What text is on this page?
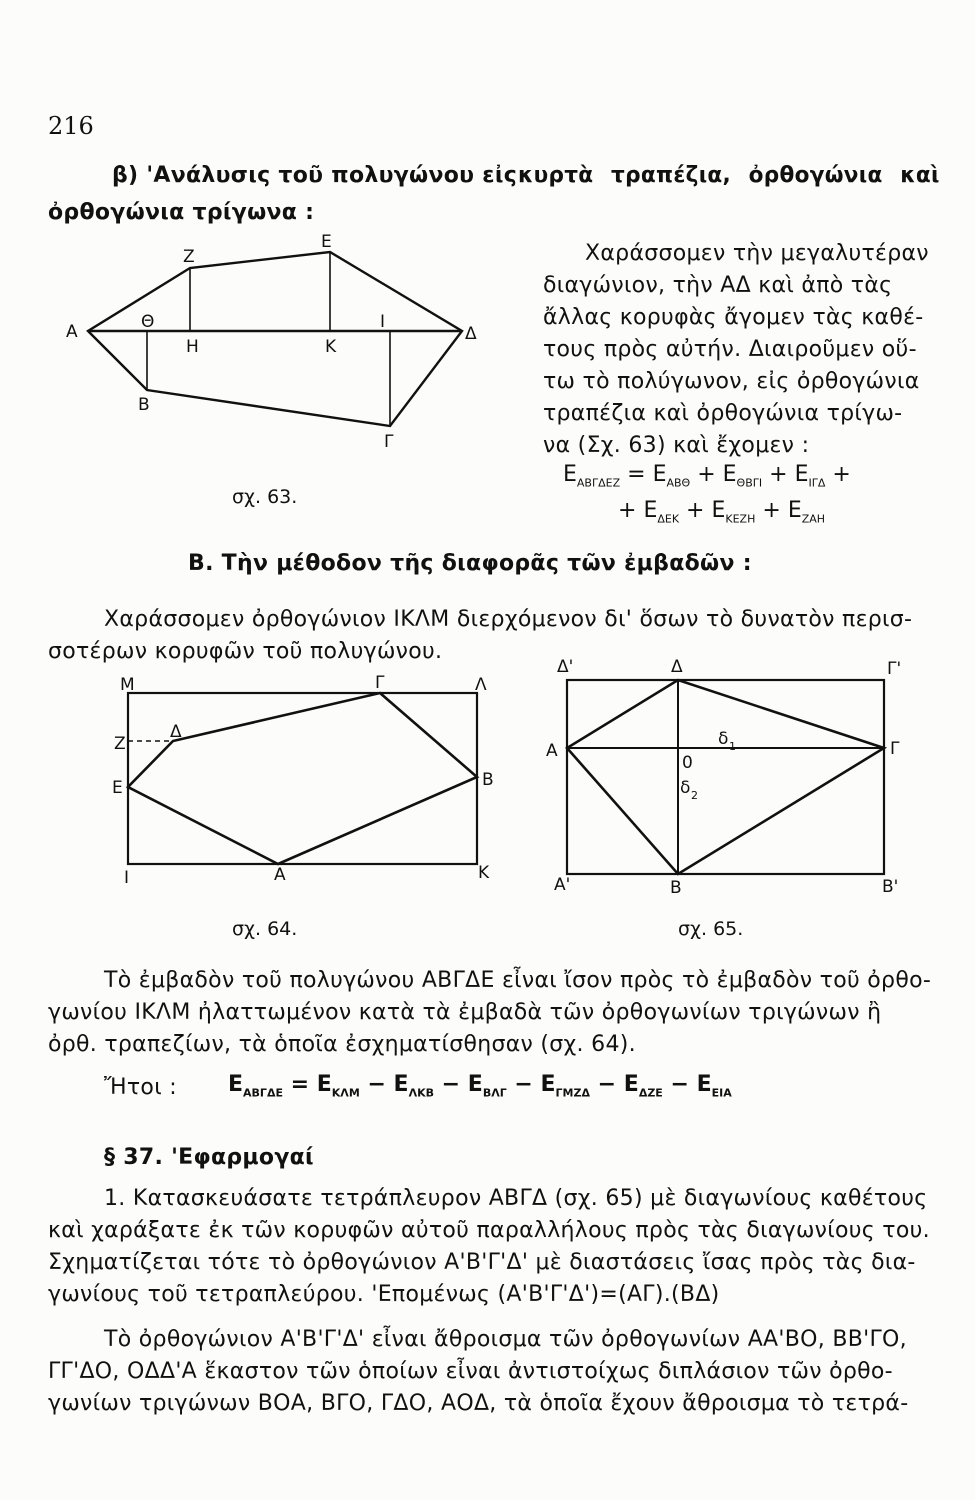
216
β) 'Ανάλυσις τοῦ πολυγώνου εἰς κυρτὰ τραπέζια, ὀρθογώνια καὶ
ὀρθογώνια τρίγωνα :
Χαράσσομεν τὴν μεγαλυτέραν
διαγώνιον, τὴν ΑΔ καὶ ἀπὸ τὰς
ἄλλας κορυφὰς ἄγομεν τὰς καθέ-
τους πρὸς αὐτήν. Διαιροῦμεν οὕ-
τω τὸ πολύγωνον, εἰς ὀρθογώνια
τραπέζια καὶ ὀρθογώνια τρίγω-
να (Σχ. 63) καὶ ἔχομεν :
$E_{AB\Gamma\Delta EZ} = E_{AB\Theta} + E_{\Theta B\Gamma I} + E_{I\Gamma\Delta}$ +
+ $E_{\Delta EK} + E_{KEZH} + E_{ZAH}$
Α
Β
Γ
Δ
Ε
Ζ
Θ
Η	Κ
Ι
Μ	Γ	Λ
Ζ
Δ
Ε	Β
Ι	Α	Κ
Δ'	Δ	Γ'
Α
0
δ 1	Γ
δ 2
Α'	Β	Β'
σχ. 63.
Β. Τὴν μέθοδον τῆς διαφορᾶς τῶν ἐμβαδῶν :
Χαράσσομεν ὀρθογώνιον ΙΚΛΜ διερχόμενον δι' ὅσων τὸ δυνατὸν περισ-
σοτέρων κορυφῶν τοῦ πολυγώνου.
σχ. 64.	σχ. 65.
Τὸ ἐμβαδὸν τοῦ πολυγώνου ΑΒΓΔΕ εἶναι ἴσον πρὸς τὸ ἐμβαδὸν τοῦ ὀρθο-
γωνίου ΙΚΛΜ ἠλαττωμένον κατὰ τὰ ἐμβαδὰ τῶν ὀρθογωνίων τριγώνων ἢ
ὀρθ. τραπεζίων, τὰ ὁποῖα ἐσχηματίσθησαν (σχ. 64).
Ἤτοι : $E_{AB\Gamma\Delta E} = E_{K\Lambda M} - E_{\Lambda KB} - E_{B\Lambda\Gamma} - E_{\Gamma MZ\Delta} - E_{\Delta ZE} - E_{EIA}$
§ 37. 'Εφαρμογαί
1. Κατασκευάσατε τετράπλευρον ΑΒΓΔ (σχ. 65) μὲ διαγωνίους καθέτους
καὶ χαράξατε ἐκ τῶν κορυφῶν αὐτοῦ παραλλήλους πρὸς τὰς διαγωνίους του.
Σχηματίζεται τότε τὸ ὀρθογώνιον Α'Β'Γ'Δ' μὲ διαστάσεις ἴσας πρὸς τὰς δια-
γωνίους τοῦ τετραπλεύρου. 'Επομένως (Α'Β'Γ'Δ')=(ΑΓ).(ΒΔ)
Τὸ ὀρθογώνιον Α'Β'Γ'Δ' εἶναι ἄθροισμα τῶν ὀρθογωνίων ΑΑ'ΒΟ, ΒΒ'ΓΟ,
ΓΓ'ΔΟ, ΟΔΔ'Α ἕκαστον τῶν ὁποίων εἶναι ἀντιστοίχως διπλάσιον τῶν ὀρθο-
γωνίων τριγώνων ΒΟΑ, ΒΓΟ, ΓΔΟ, ΑΟΔ, τὰ ὁποῖα ἔχουν ἄθροισμα τὸ τετρά-
